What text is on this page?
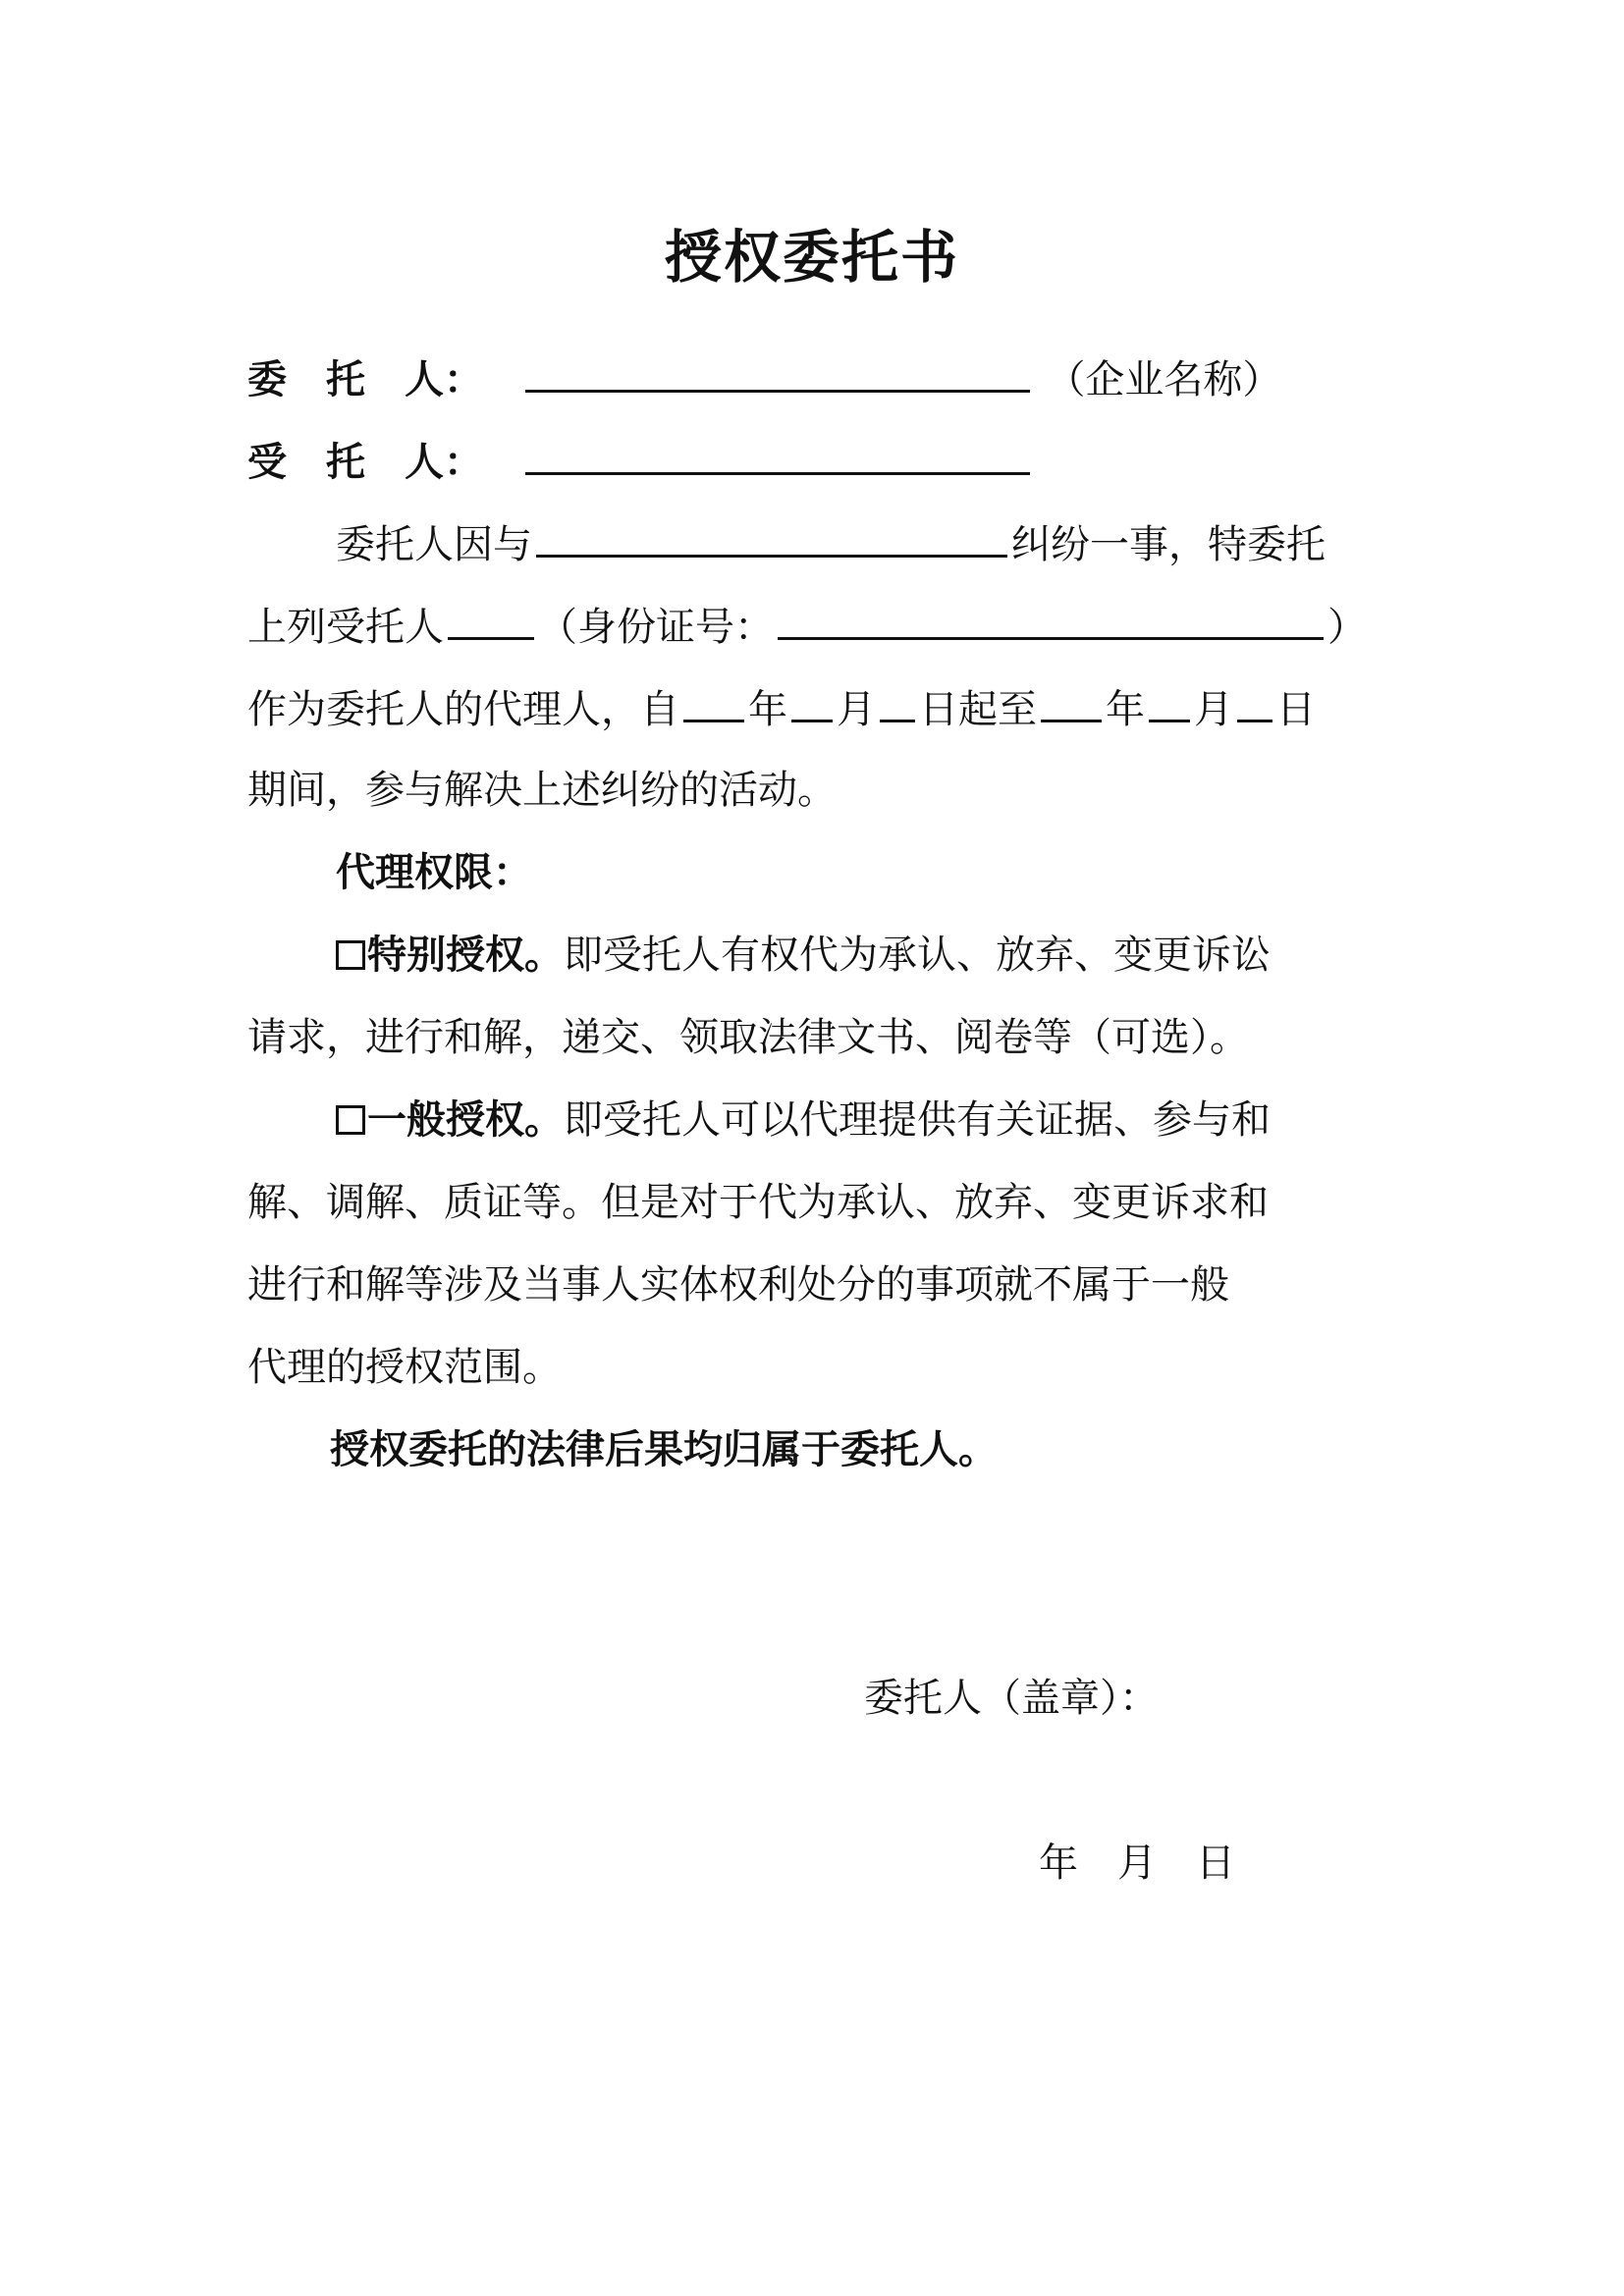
授权委托书
委　托　人：	（企业名称）
受　托　人：
委托人因与	纠纷一事，特委托
上列受托人 （身份证号：	）
作为委托人的代理人，自 年 月 日起至 年 月 日
期间，参与解决上述纠纷的活动。
代理权限：
特别授权。即受托人有权代为承认、放弃、变更诉讼
请求，进行和解，递交、领取法律文书、阅卷等（可选）。
一般授权。即受托人可以代理提供有关证据、参与和
解、调解、质证等。但是对于代为承认、放弃、变更诉求和
进行和解等涉及当事人实体权利处分的事项就不属于一般
代理的授权范围。
授权委托的法律后果均归属于委托人。
委托人（盖章）：
年　月　日
